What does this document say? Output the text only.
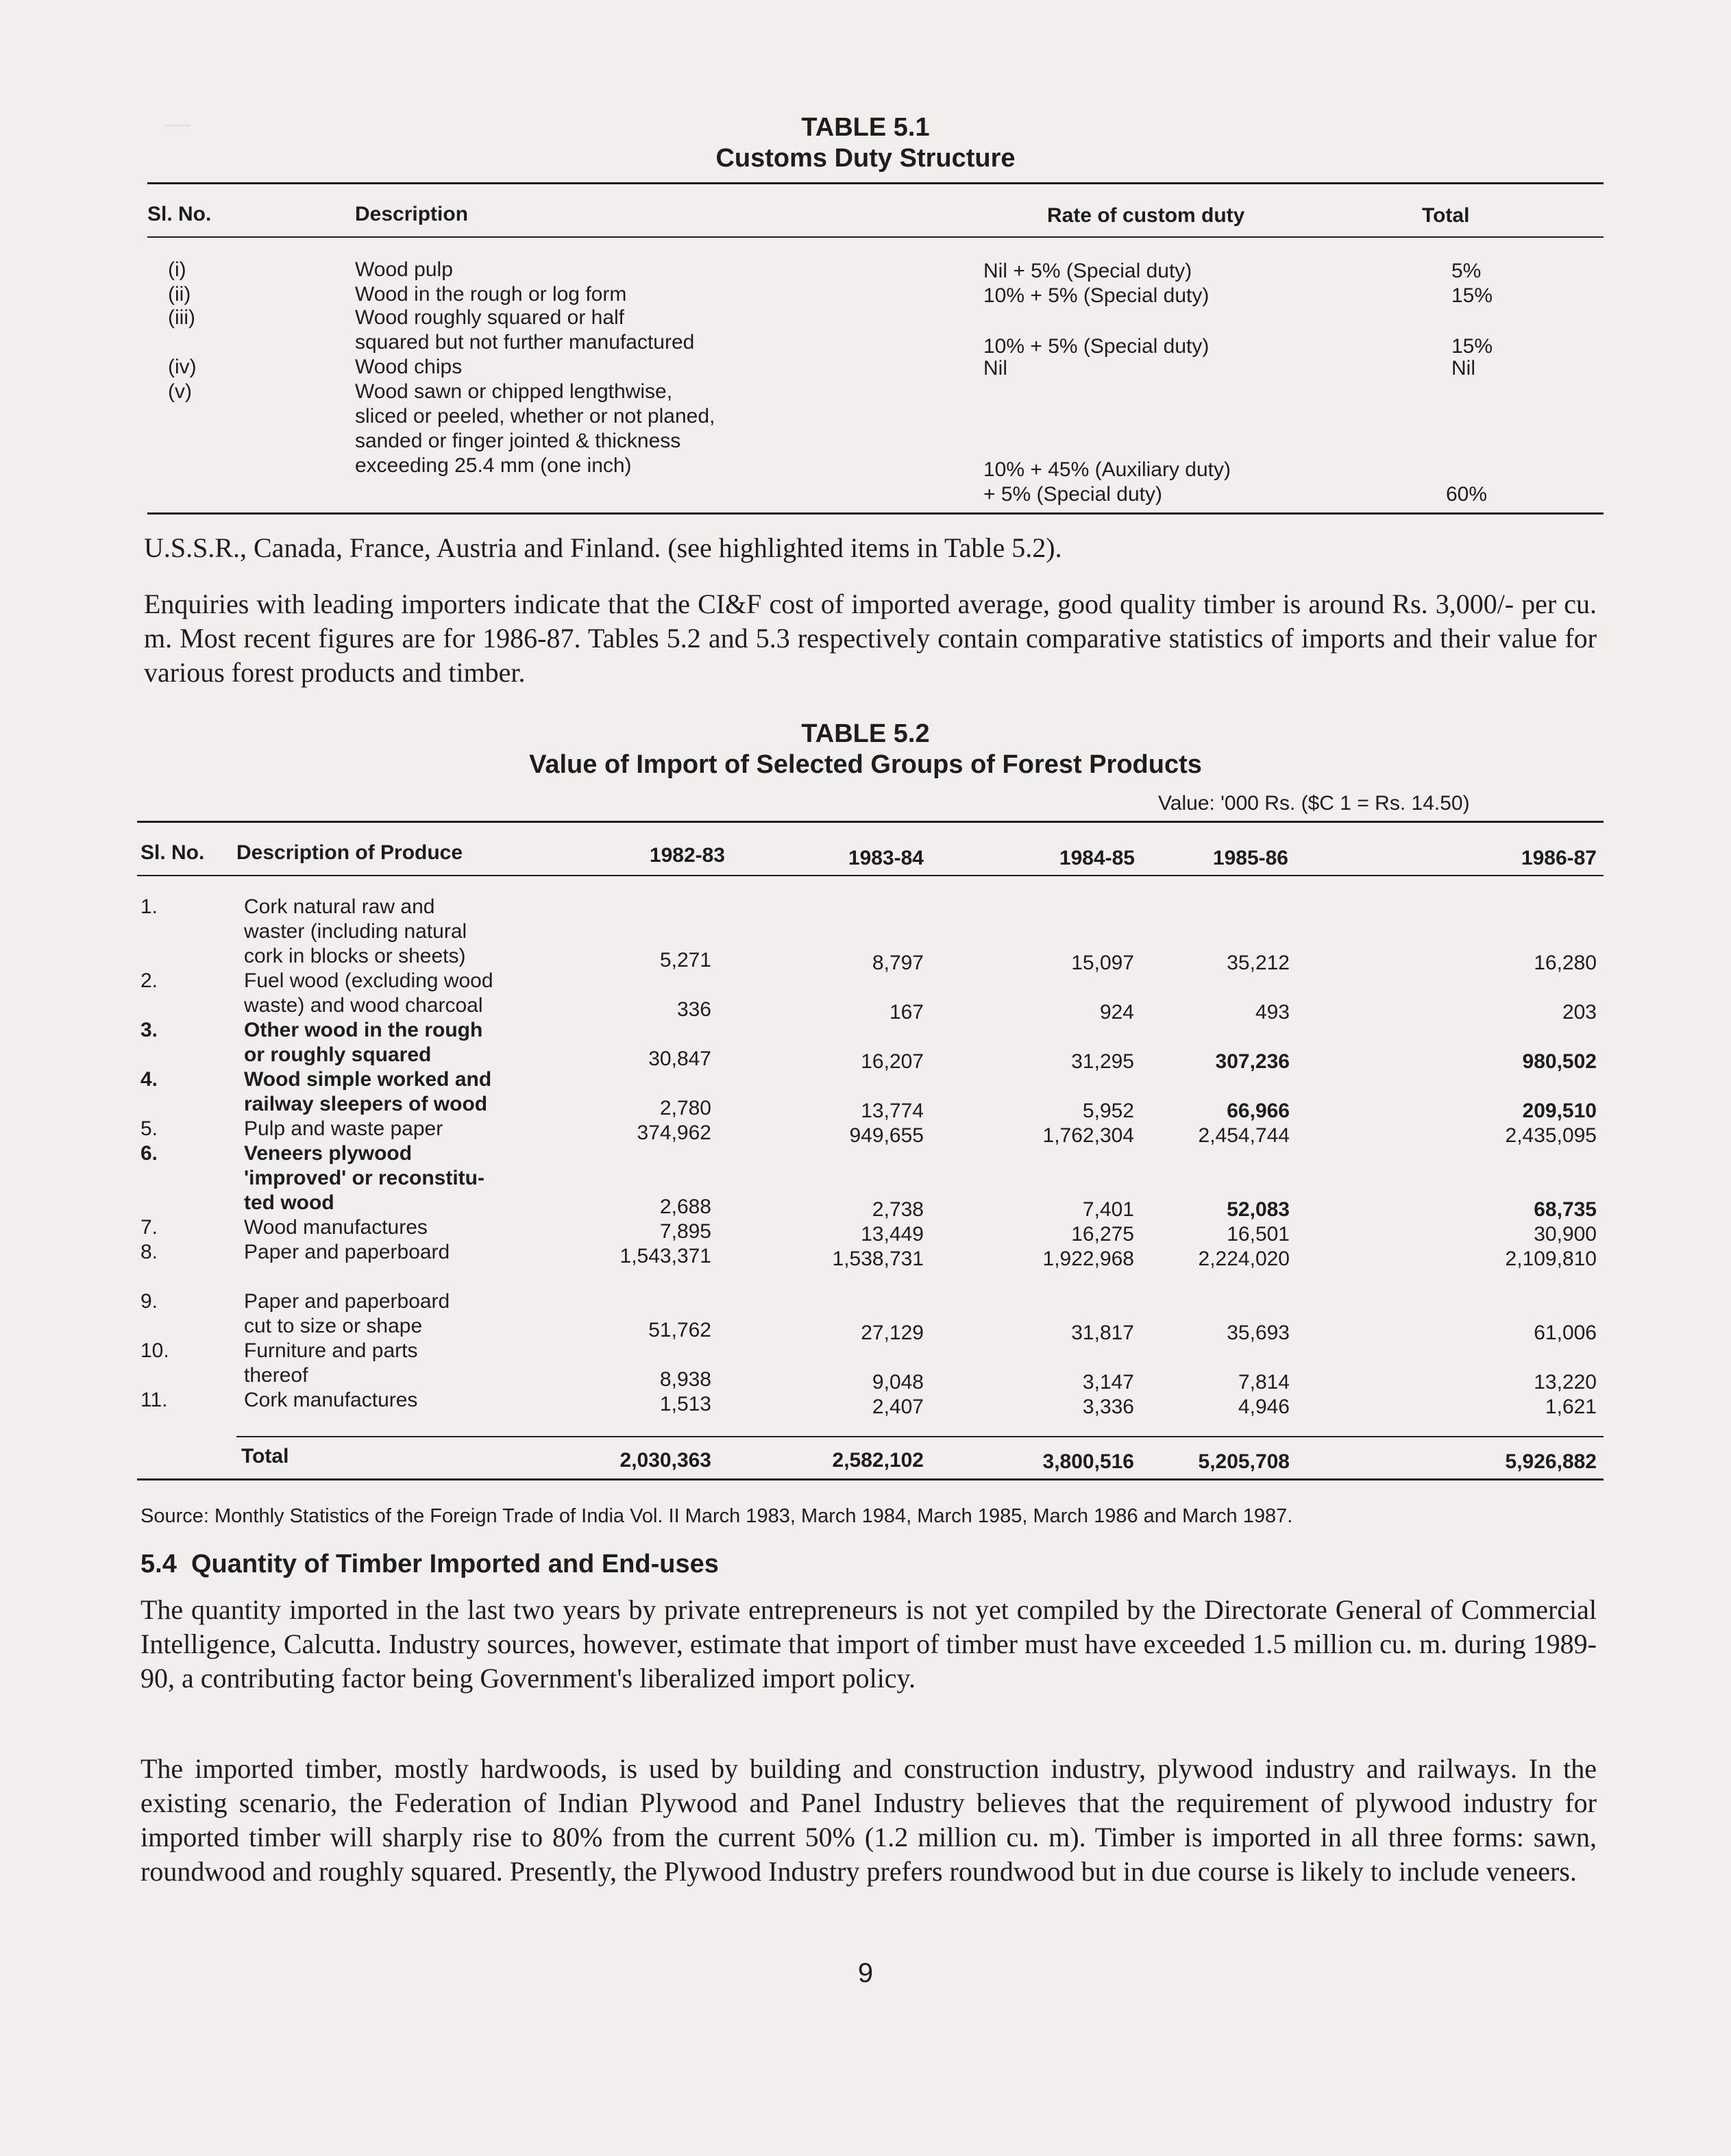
—	TABLE 5.1
Customs Duty Structure
Sl. No.	Description	Rate of custom duty	Total
(i)	Wood pulp	Nil + 5% (Special duty)	5%
(ii)	Wood in the rough or log form	10% + 5% (Special duty)	15%
(iii)	Wood roughly squared or half
squared but not further manufactured	10% + 5% (Special duty)	15%
(iv)	Wood chips	Nil	Nil
(v)	Wood sawn or chipped lengthwise,
sliced or peeled, whether or not planed,
sanded or finger jointed & thickness
exceeding 25.4 mm (one inch)	10% + 45% (Auxiliary duty)
+ 5% (Special duty)	60%
U.S.S.R., Canada, France, Austria and Finland. (see highlighted items in Table 5.2).
Enquiries with leading importers indicate that the CI&F cost of imported average, good quality timber is around Rs. 3,000/- per cu. m. Most recent figures are for 1986-87. Tables 5.2 and 5.3 respectively contain comparative statistics of imports and their value for various forest products and timber.
TABLE 5.2
Value of Import of Selected Groups of Forest Products
Value: '000 Rs. ($C 1 = Rs. 14.50)
Sl. No. Description of Produce	1982-83	1983-84	1984-85	1985-86	1986-87
1.	Cork natural raw and
waster (including natural
cork in blocks or sheets)	5,271	8,797	15,097	35,212	16,280
2.	Fuel wood (excluding wood
waste) and wood charcoal	336	167	924	493	203
3.	Other wood in the rough
or roughly squared	30,847	16,207	31,295	307,236	980,502
4.	Wood simple worked and
railway sleepers of wood	2,780	13,774	5,952	66,966	209,510
5.	Pulp and waste paper	374,962	949,655	1,762,304	2,454,744	2,435,095
6.	Veneers plywood
'improved' or reconstitu-
ted wood	2,688	2,738	7,401	52,083	68,735
7.	Wood manufactures	7,895	13,449	16,275	16,501	30,900
8.	Paper and paperboard	1,543,371	1,538,731	1,922,968	2,224,020	2,109,810
9.	Paper and paperboard
cut to size or shape	51,762	27,129	31,817	35,693	61,006
10.	Furniture and parts
thereof	8,938	9,048	3,147	7,814	13,220
11.	Cork manufactures	1,513	2,407	3,336	4,946	1,621
Total	2,030,363	2,582,102	3,800,516	5,205,708	5,926,882
Source: Monthly Statistics of the Foreign Trade of India Vol. II March 1983, March 1984, March 1985, March 1986 and March 1987.
5.4  Quantity of Timber Imported and End-uses
The quantity imported in the last two years by private entrepreneurs is not yet compiled by the Directorate General of Commercial Intelligence, Calcutta. Industry sources, however, estimate that import of timber must have exceeded 1.5 million cu. m. during 1989-90, a contributing factor being Government's liberalized import policy.
The imported timber, mostly hardwoods, is used by building and construction industry, plywood industry and railways. In the existing scenario, the Federation of Indian Plywood and Panel Industry believes that the requirement of plywood industry for imported timber will sharply rise to 80% from the current 50% (1.2 million cu. m). Timber is imported in all three forms: sawn, roundwood and roughly squared. Presently, the Plywood Industry prefers roundwood but in due course is likely to include veneers.
9
